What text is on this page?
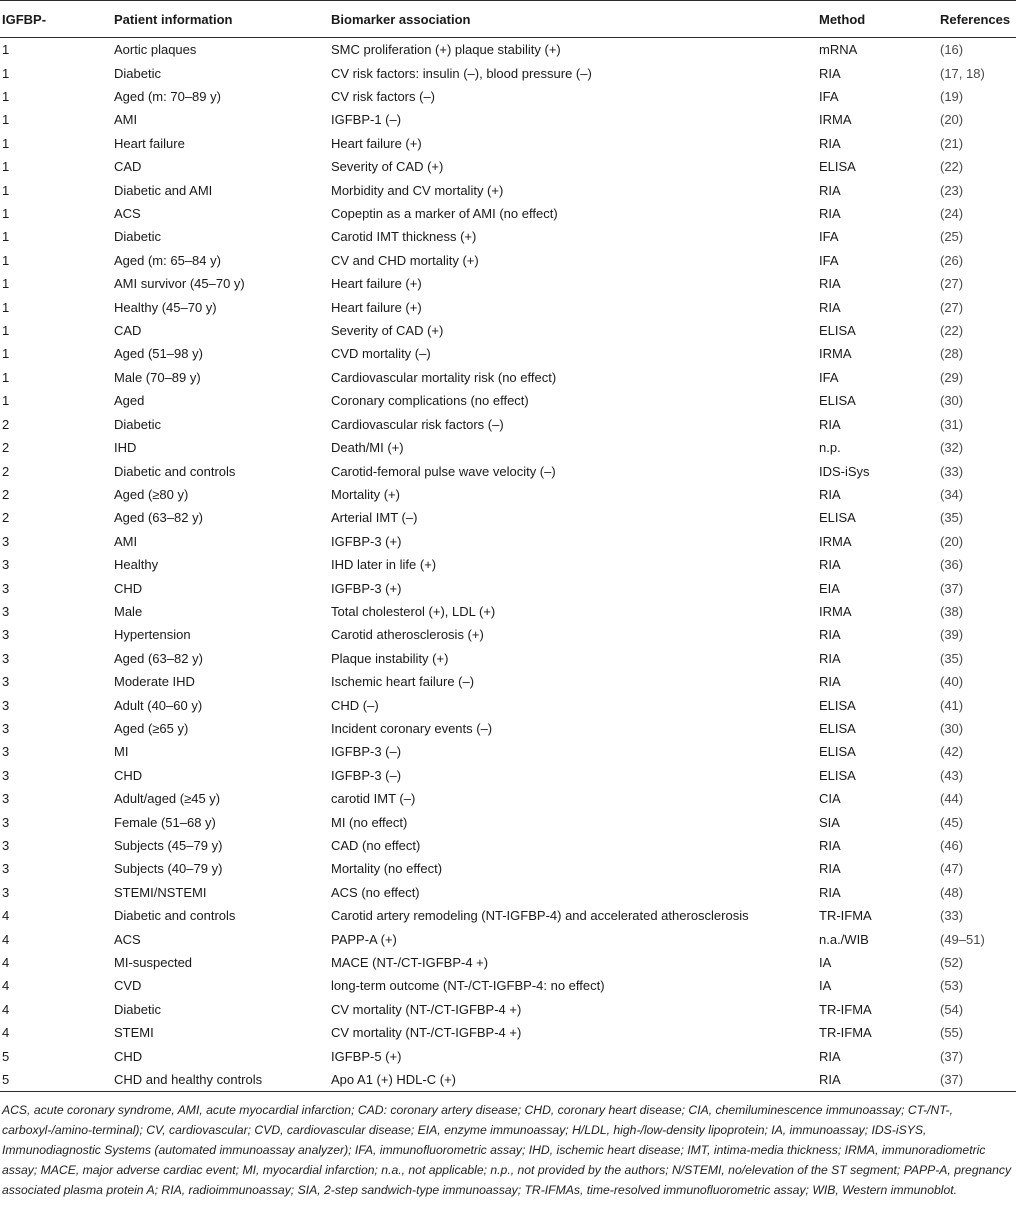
IGFBP-	Patient information	Biomarker association	Method	References
1	Aortic plaques	SMC proliferation (+) plaque stability (+)	mRNA	(16)
1	Diabetic	CV risk factors: insulin (–), blood pressure (–)	RIA	(17, 18)
1	Aged (m: 70–89 y)	CV risk factors (–)	IFA	(19)
1	AMI	IGFBP-1 (–)	IRMA	(20)
1	Heart failure	Heart failure (+)	RIA	(21)
1	CAD	Severity of CAD (+)	ELISA	(22)
1	Diabetic and AMI	Morbidity and CV mortality (+)	RIA	(23)
1	ACS	Copeptin as a marker of AMI (no effect)	RIA	(24)
1	Diabetic	Carotid IMT thickness (+)	IFA	(25)
1	Aged (m: 65–84 y)	CV and CHD mortality (+)	IFA	(26)
1	AMI survivor (45–70 y)	Heart failure (+)	RIA	(27)
1	Healthy (45–70 y)	Heart failure (+)	RIA	(27)
1	CAD	Severity of CAD (+)	ELISA	(22)
1	Aged (51–98 y)	CVD mortality (–)	IRMA	(28)
1	Male (70–89 y)	Cardiovascular mortality risk (no effect)	IFA	(29)
1	Aged	Coronary complications (no effect)	ELISA	(30)
2	Diabetic	Cardiovascular risk factors (–)	RIA	(31)
2	IHD	Death/MI (+)	n.p.	(32)
2	Diabetic and controls	Carotid-femoral pulse wave velocity (–)	IDS-iSys	(33)
2	Aged (≥80 y)	Mortality (+)	RIA	(34)
2	Aged (63–82 y)	Arterial IMT (–)	ELISA	(35)
3	AMI	IGFBP-3 (+)	IRMA	(20)
3	Healthy	IHD later in life (+)	RIA	(36)
3	CHD	IGFBP-3 (+)	EIA	(37)
3	Male	Total cholesterol (+), LDL (+)	IRMA	(38)
3	Hypertension	Carotid atherosclerosis (+)	RIA	(39)
3	Aged (63–82 y)	Plaque instability (+)	RIA	(35)
3	Moderate IHD	Ischemic heart failure (–)	RIA	(40)
3	Adult (40–60 y)	CHD (–)	ELISA	(41)
3	Aged (≥65 y)	Incident coronary events (–)	ELISA	(30)
3	MI	IGFBP-3 (–)	ELISA	(42)
3	CHD	IGFBP-3 (–)	ELISA	(43)
3	Adult/aged (≥45 y)	carotid IMT (–)	CIA	(44)
3	Female (51–68 y)	MI (no effect)	SIA	(45)
3	Subjects (45–79 y)	CAD (no effect)	RIA	(46)
3	Subjects (40–79 y)	Mortality (no effect)	RIA	(47)
3	STEMI/NSTEMI	ACS (no effect)	RIA	(48)
4	Diabetic and controls	Carotid artery remodeling (NT-IGFBP-4) and accelerated atherosclerosis	TR-IFMA	(33)
4	ACS	PAPP-A (+)	n.a./WIB	(49–51)
4	MI-suspected	MACE (NT-/CT-IGFBP-4 +)	IA	(52)
4	CVD	long-term outcome (NT-/CT-IGFBP-4: no effect)	IA	(53)
4	Diabetic	CV mortality (NT-/CT-IGFBP-4 +)	TR-IFMA	(54)
4	STEMI	CV mortality (NT-/CT-IGFBP-4 +)	TR-IFMA	(55)
5	CHD	IGFBP-5 (+)	RIA	(37)
5	CHD and healthy controls	Apo A1 (+) HDL-C (+)	RIA	(37)
ACS, acute coronary syndrome, AMI, acute myocardial infarction; CAD: coronary artery disease; CHD, coronary heart disease; CIA, chemiluminescence immunoassay; CT-/NT-, carboxyl-/amino-terminal); CV, cardiovascular; CVD, cardiovascular disease; EIA, enzyme immunoassay; H/LDL, high-/low-density lipoprotein; IA, immunoassay; IDS-iSYS, Immunodiagnostic Systems (automated immunoassay analyzer); IFA, immunofluorometric assay; IHD, ischemic heart disease; IMT, intima-media thickness; IRMA, immunoradiometric assay; MACE, major adverse cardiac event; MI, myocardial infarction; n.a., not applicable; n.p., not provided by the authors; N/STEMI, no/elevation of the ST segment; PAPP-A, pregnancy associated plasma protein A; RIA, radioimmunoassay; SIA, 2-step sandwich-type immunoassay; TR-IFMAs, time-resolved immunofluorometric assay; WIB, Western immunoblot.
